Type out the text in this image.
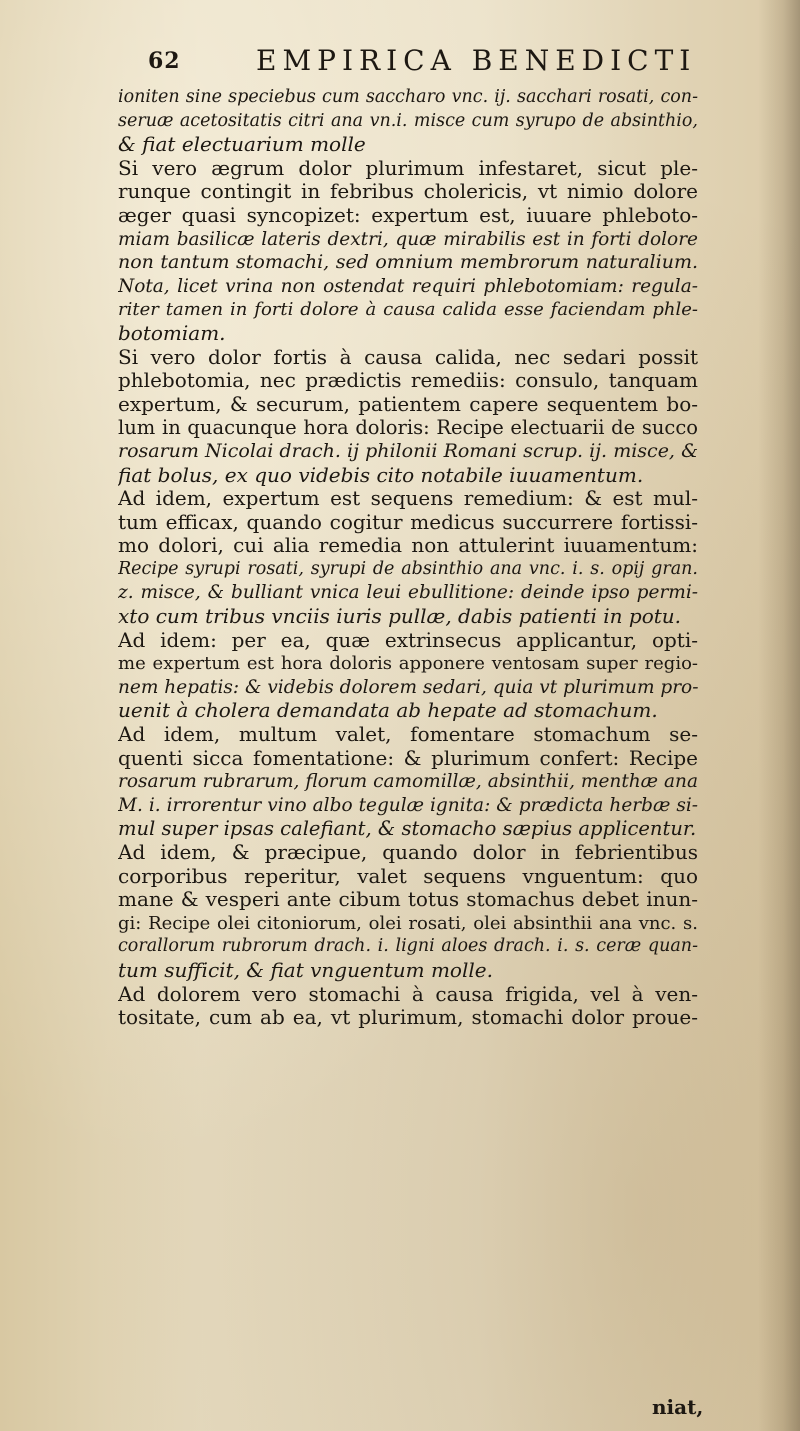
62	EMPIRICA BENEDICTI
ioniten sine speciebus cum saccharo vnc. ij. sacchari rosati, con-
seruæ acetositatis citri ana vn.i. misce cum syrupo de absinthio,
& fiat electuarium molle
Si vero ægrum dolor plurimum infestaret, sicut ple-
runque contingit in febribus cholericis, vt nimio dolore
æger quasi syncopizet: expertum est, iuuare phleboto-
miam basilicæ lateris dextri, quæ mirabilis est in forti dolore
non tantum stomachi, sed omnium membrorum naturalium.
Nota, licet vrina non ostendat requiri phlebotomiam: regula-
riter tamen in forti dolore à causa calida esse faciendam phle-
botomiam.
Si vero dolor fortis à causa calida, nec sedari possit
phlebotomia, nec prædictis remediis: consulo, tanquam
expertum, & securum, patientem capere sequentem bo-
lum in quacunque hora doloris: Recipe electuarii de succo
rosarum Nicolai drach. ij philonii Romani scrup. ij. misce, &
fiat bolus, ex quo videbis cito notabile iuuamentum.
Ad idem, expertum est sequens remedium: & est mul-
tum efficax, quando cogitur medicus succurrere fortissi-
mo dolori, cui alia remedia non attulerint iuuamentum:
Recipe syrupi rosati, syrupi de absinthio ana vnc. i. s. opij gran.
z. misce, & bulliant vnica leui ebullitione: deinde ipso permi-
xto cum tribus vnciis iuris pullæ, dabis patienti in potu.
Ad idem: per ea, quæ extrinsecus applicantur, opti-
me expertum est hora doloris apponere ventosam super regio-
nem hepatis: & videbis dolorem sedari, quia vt plurimum pro-
uenit à cholera demandata ab hepate ad stomachum.
Ad idem, multum valet, fomentare stomachum se-
quenti sicca fomentatione: & plurimum confert: Recipe
rosarum rubrarum, florum camomillæ, absinthii, menthæ ana
M. i. irrorentur vino albo tegulæ ignita: & prædicta herbæ si-
mul super ipsas calefiant, & stomacho sæpius applicentur.
Ad idem, & præcipue, quando dolor in febrientibus
corporibus reperitur, valet sequens vnguentum: quo
mane & vesperi ante cibum totus stomachus debet inun-
gi: Recipe olei citoniorum, olei rosati, olei absinthii ana vnc. s.
corallorum rubrorum drach. i. ligni aloes drach. i. s. ceræ quan-
tum sufficit, & fiat vnguentum molle.
Ad dolorem vero stomachi à causa frigida, vel à ven-
tositate, cum ab ea, vt plurimum, stomachi dolor proue-
niat,
